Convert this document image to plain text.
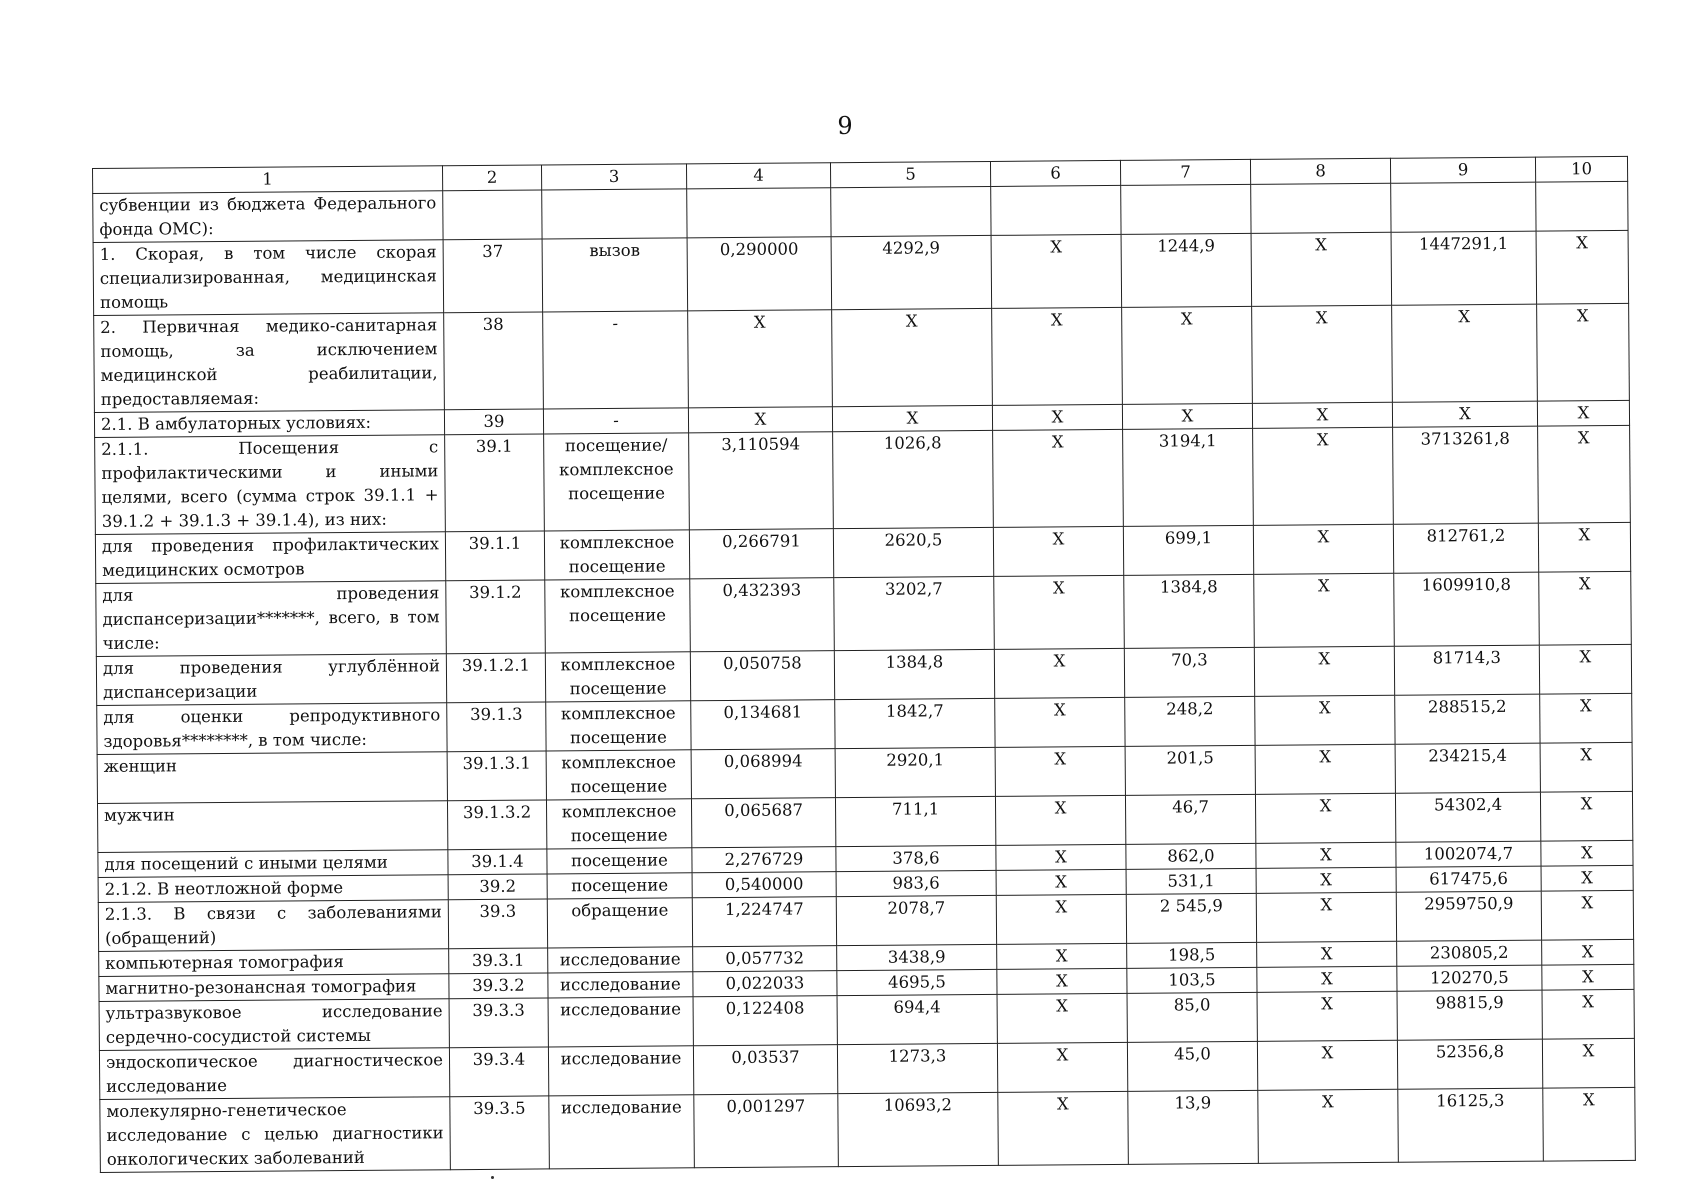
9
1	2	3	4	5	6	7	8	9	10
субвенции из бюджета Федерального фонда ОМС):									
1. Скорая, в том числе скорая специализированная, медицинская помощь	37	вызов	0,290000	4292,9	X	1244,9	X	1447291,1	X
2. Первичная медико-санитарная помощь, за исключением медицинской реабилитации, предоставляемая:	38	-	X	X	X	X	X	X	X
2.1. В амбулаторных условиях:	39	-	X	X	X	X	X	X	X
2.1.1. Посещения с профилактическими и иными целями, всего (сумма строк 39.1.1 + 39.1.2 + 39.1.3 + 39.1.4), из них:	39.1	посещение/ комплексное посещение	3,110594	1026,8	X	3194,1	X	3713261,8	X
для проведения профилактических медицинских осмотров	39.1.1	комплексное посещение	0,266791	2620,5	X	699,1	X	812761,2	X
для проведения диспансеризации*******, всего, в том числе:	39.1.2	комплексное посещение	0,432393	3202,7	X	1384,8	X	1609910,8	X
для проведения углублённой диспансеризации	39.1.2.1	комплексное посещение	0,050758	1384,8	X	70,3	X	81714,3	X
для оценки репродуктивного здоровья********, в том числе:	39.1.3	комплексное посещение	0,134681	1842,7	X	248,2	X	288515,2	X
женщин	39.1.3.1	комплексное посещение	0,068994	2920,1	X	201,5	X	234215,4	X
мужчин	39.1.3.2	комплексное посещение	0,065687	711,1	X	46,7	X	54302,4	X
для посещений с иными целями	39.1.4	посещение	2,276729	378,6	X	862,0	X	1002074,7	X
2.1.2. В неотложной форме	39.2	посещение	0,540000	983,6	X	531,1	X	617475,6	X
2.1.3. В связи с заболеваниями (обращений)	39.3	обращение	1,224747	2078,7	X	2 545,9	X	2959750,9	X
компьютерная томография	39.3.1	исследование	0,057732	3438,9	X	198,5	X	230805,2	X
магнитно-резонансная томография	39.3.2	исследование	0,022033	4695,5	X	103,5	X	120270,5	X
ультразвуковое исследование сердечно-сосудистой системы	39.3.3	исследование	0,122408	694,4	X	85,0	X	98815,9	X
эндоскопическое диагностическое исследование	39.3.4	исследование	0,03537	1273,3	X	45,0	X	52356,8	X
молекулярно-генетическое исследование с целью диагностики онкологических заболеваний	39.3.5	исследование	0,001297	10693,2	X	13,9	X	16125,3	X
